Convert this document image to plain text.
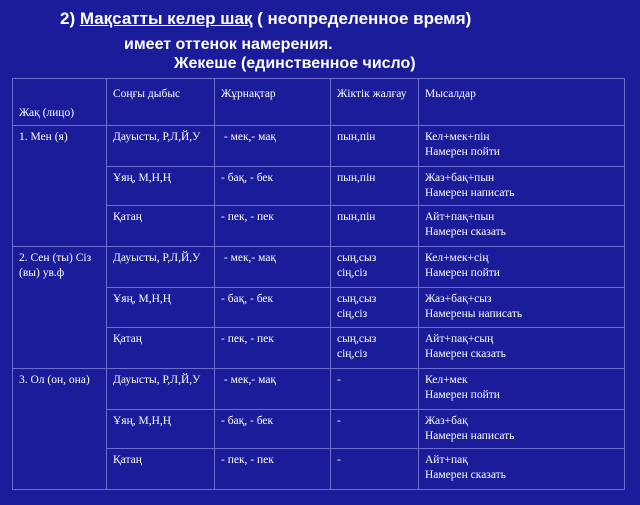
2) Мақсатты келер шақ ( неопределенное время)
имеет оттенок намерения.
Жекеше (единственное число)
Жақ (лицо)	Соңғы дыбыс	Жұрнақтар	Жіктік жалғау	Мысалдар
1. Мен (я)	Дауысты, Р,Л,Й,У	- мек,- мақ	пын,пін	Кел+мек+пін
Намерен пойти

	Ұяң, М,Н,Ң	- бақ, - бек	пын,пін	Жаз+бақ+пын
Намерен написать

	Қатаң	- пек, - пек	пын,пін	Айт+пақ+пын
Намерен сказать

2. Сен (ты) Сіз (вы) ув.ф	Дауысты, Р,Л,Й,У	- мек,- мақ	сың,сыз
сің,сіз	Кел+мек+сің
Намерен пойти

	Ұяң, М,Н,Ң	- бақ, - бек	сың,сыз
сің,сіз	Жаз+бақ+сыз
Намерены написать

	Қатаң	- пек, - пек	сың,сыз
сің,сіз	Айт+пақ+сың
Намерен сказать

3. Ол (он, она)	Дауысты, Р,Л,Й,У	- мек,- мақ	-	Кел+мек
Намерен пойти

	Ұяң, М,Н,Ң	- бақ, - бек	-	Жаз+бақ
Намерен написать

	Қатаң	- пек, - пек	-	Айт+пақ
Намерен сказать
